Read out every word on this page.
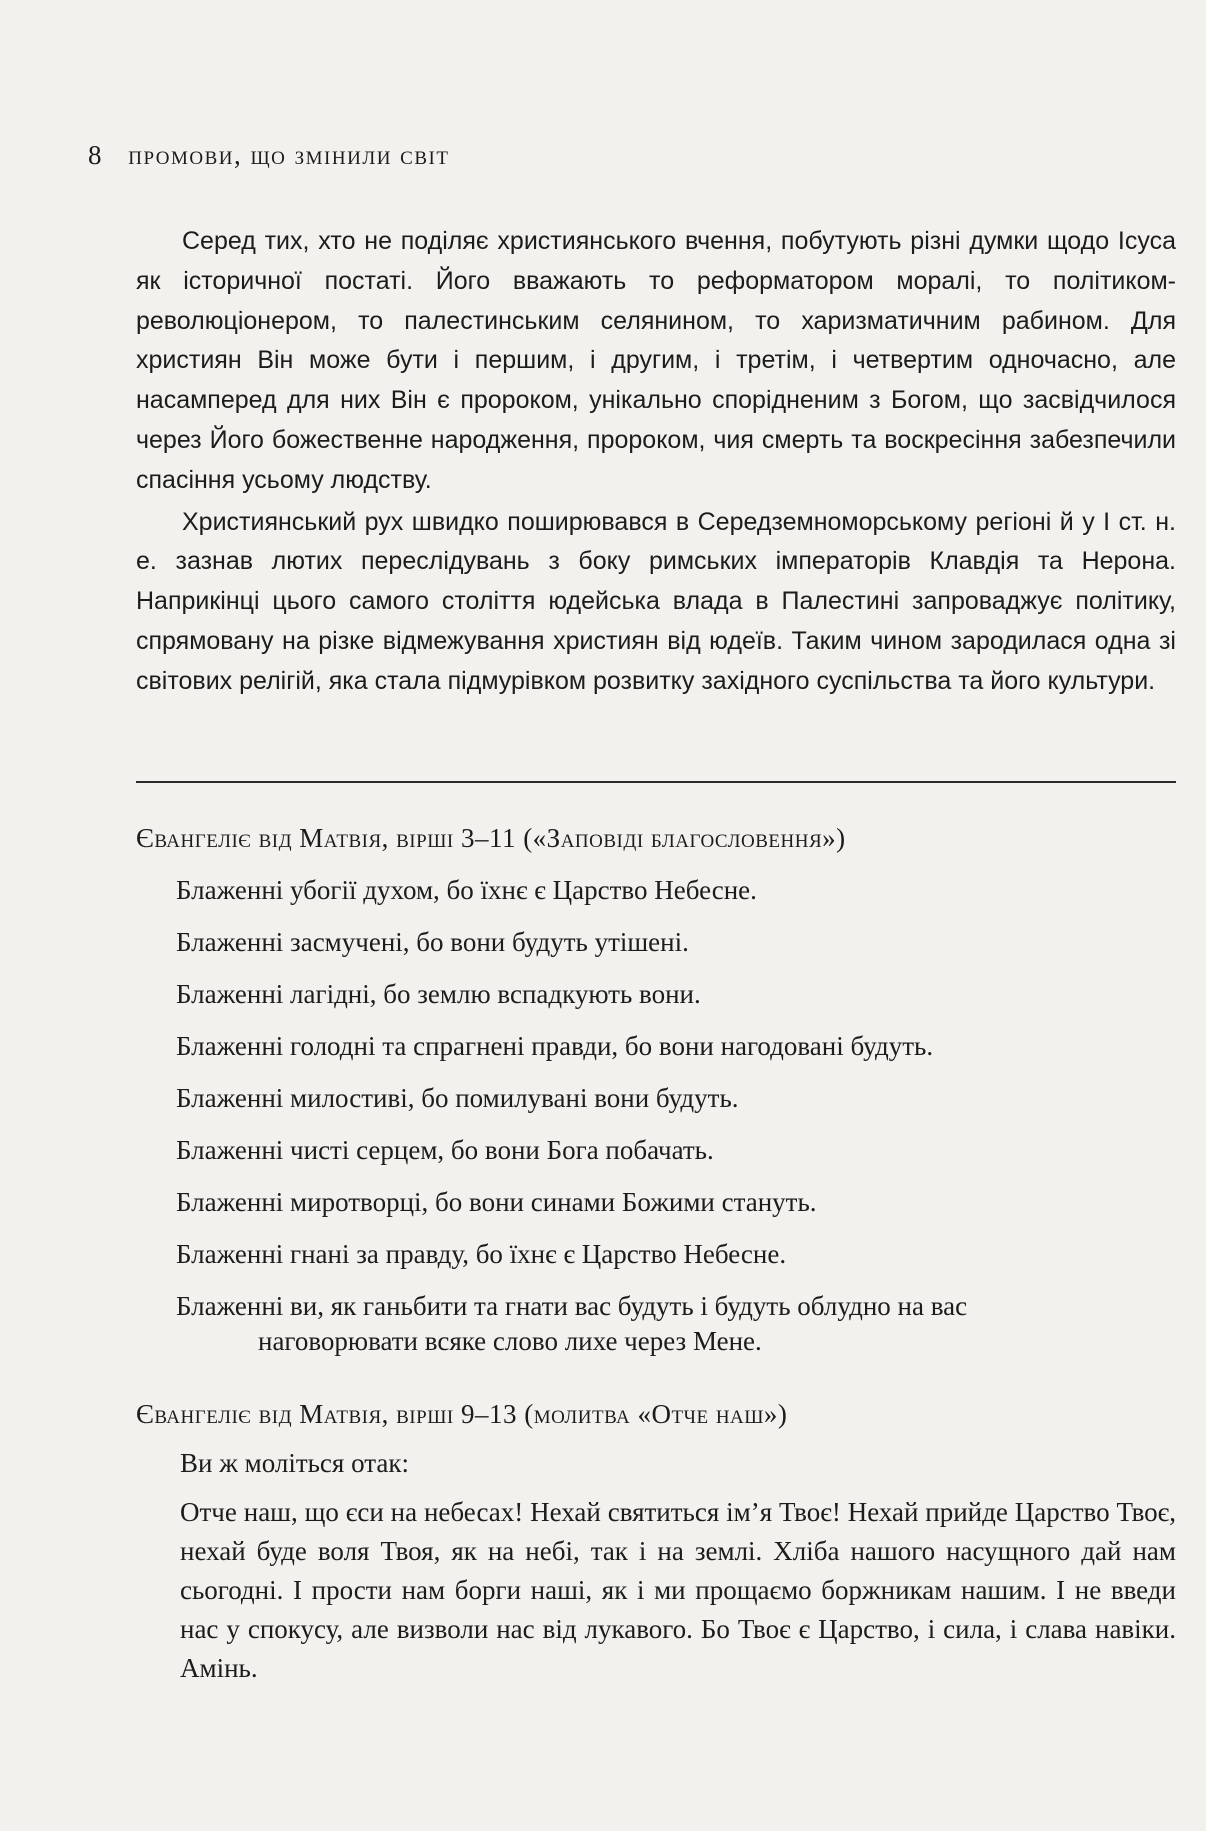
8 промови, що змінили світ

Серед тих, хто не поділяє християнського вчення, побутують різні думки щодо Ісуса як історичної постаті. Його вважають то реформатором моралі, то політиком-революціонером, то палестинським селянином, то харизматичним рабином. Для християн Він може бути і першим, і другим, і третім, і четвертим одночасно, але насамперед для них Він є пророком, унікально спорідненим з Богом, що засвідчилося через Його божественне народження, пророком, чия смерть та воскресіння забезпечили спасіння усьому людству.

Християнський рух швидко поширювався в Середземноморському регіоні й у І ст. н. е. зазнав лютих переслідувань з боку римських імператорів Клавдія та Нерона. Наприкінці цього самого століття юдейська влада в Палестині запроваджує політику, спрямовану на різке відмежування християн від юдеїв. Таким чином зародилася одна зі світових релігій, яка стала підмурівком розвитку західного суспільства та його культури.

Євангеліє від Матвія, вірші 3–11 («Заповіді благословення»)

Блаженні убогії духом, бо їхнє є Царство Небесне.
Блаженні засмучені, бо вони будуть утішені.
Блаженні лагідні, бо землю вспадкують вони.
Блаженні голодні та спрагнені правди, бо вони нагодовані будуть.
Блаженні милостиві, бо помилувані вони будуть.
Блаженні чисті серцем, бо вони Бога побачать.
Блаженні миротворці, бо вони синами Божими стануть.
Блаженні гнані за правду, бо їхнє є Царство Небесне.
Блаженні ви, як ганьбити та гнати вас будуть і будуть облудно на вас наговорювати всяке слово лихе через Мене.

Євангеліє від Матвія, вірші 9–13 (молитва «Отче наш»)

Ви ж моліться отак:

Отче наш, що єси на небесах! Нехай святиться ім’я Твоє! Нехай прийде Царство Твоє, нехай буде воля Твоя, як на небі, так і на землі. Хліба нашого насущного дай нам сьогодні. І прости нам борги наші, як і ми прощаємо боржникам нашим. І не введи нас у спокусу, але визволи нас від лукавого. Бо Твоє є Царство, і сила, і слава навіки. Амінь.
